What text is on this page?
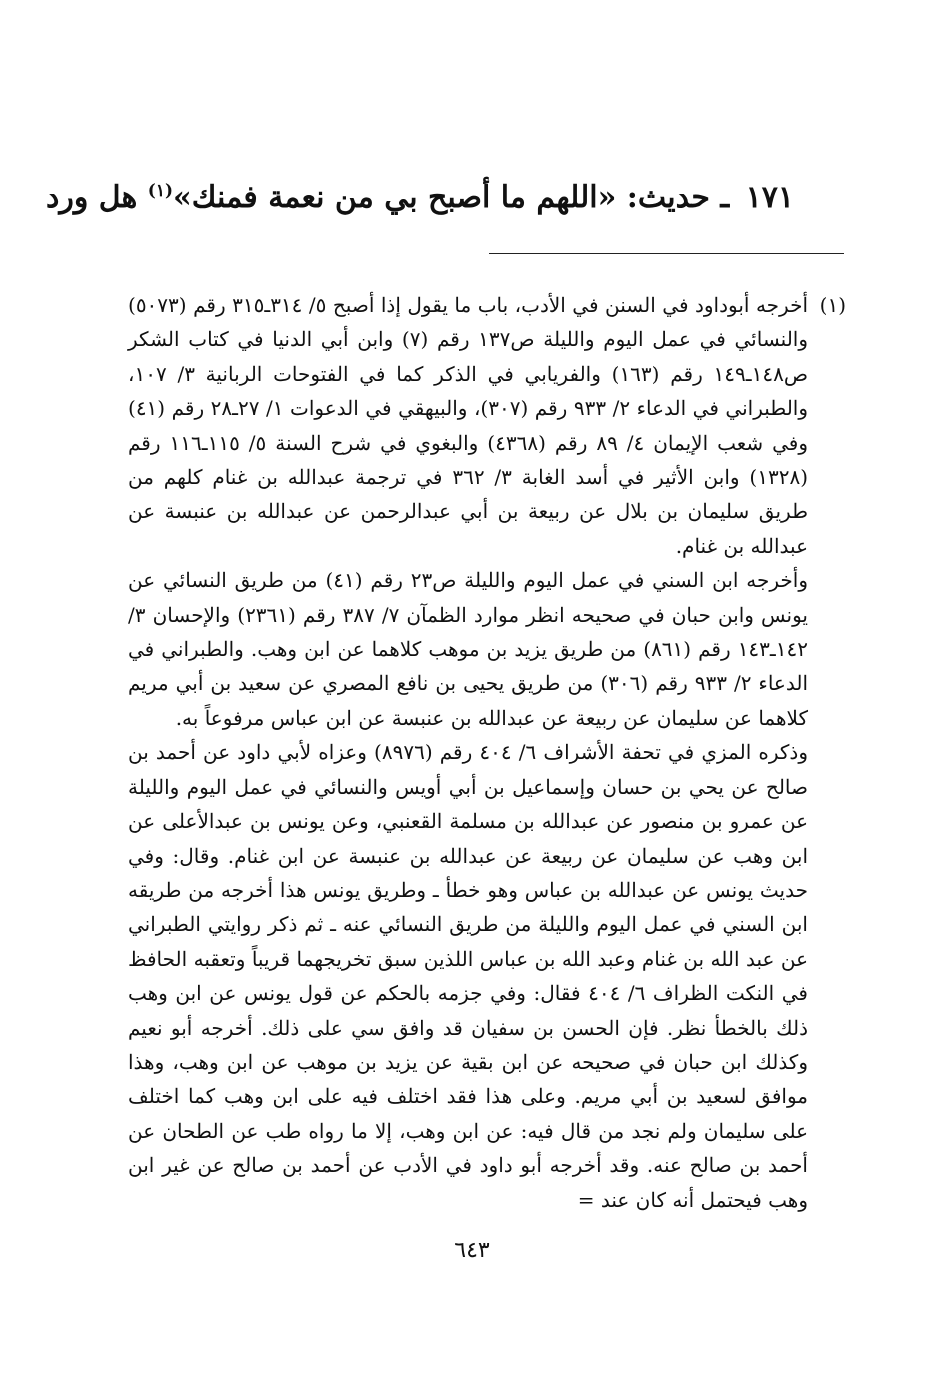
١٧١ ـ حديث: «اللهم ما أصبح بي من نعمة فمنك»$^{(١)}$ هل ورد
(١)

أخرجه أبوداود في السنن في الأدب، باب ما يقول إذا أصبح ٥/ ٣١٤ـ٣١٥ رقم (٥٠٧٣) والنسائي في عمل اليوم والليلة ص١٣٧ رقم (٧) وابن أبي الدنيا في كتاب الشكر ص١٤٨ـ١٤٩ رقم (١٦٣) والفريابي في الذكر كما في الفتوحات الربانية ٣/ ١٠٧، والطبراني في الدعاء ٢/ ٩٣٣ رقم (٣٠٧)، والبيهقي في الدعوات ١/ ٢٧ـ٢٨ رقم (٤١) وفي شعب الإيمان ٤/ ٨٩ رقم (٤٣٦٨) والبغوي في شرح السنة ٥/ ١١٥ـ١١٦ رقم (١٣٢٨) وابن الأثير في أسد الغابة ٣/ ٣٦٢ في ترجمة عبدالله بن غنام كلهم من طريق سليمان بن بلال عن ربيعة بن أبي عبدالرحمن عن عبدالله بن عنبسة عن عبدالله بن غنام.

وأخرجه ابن السني في عمل اليوم والليلة ص٢٣ رقم (٤١) من طريق النسائي عن يونس وابن حبان في صحيحه انظر موارد الظمآن ٧/ ٣٨٧ رقم (٢٣٦١) والإحسان ٣/ ١٤٢ـ١٤٣ رقم (٨٦١) من طريق يزيد بن موهب كلاهما عن ابن وهب. والطبراني في الدعاء ٢/ ٩٣٣ رقم (٣٠٦) من طريق يحيى بن نافع المصري عن سعيد بن أبي مريم كلاهما عن سليمان عن ربيعة عن عبدالله بن عنبسة عن ابن عباس مرفوعاً به.

وذكره المزي في تحفة الأشراف ٦/ ٤٠٤ رقم (٨٩٧٦) وعزاه لأبي داود عن أحمد بن صالح عن يحي بن حسان وإسماعيل بن أبي أويس والنسائي في عمل اليوم والليلة عن عمرو بن منصور عن عبدالله بن مسلمة القعنبي، وعن يونس بن عبدالأعلى عن ابن وهب عن سليمان عن ربيعة عن عبدالله بن عنبسة عن ابن غنام. وقال: وفي حديث يونس عن عبدالله بن عباس وهو خطأ ـ وطريق يونس هذا أخرجه من طريقه ابن السني في عمل اليوم والليلة من طريق النسائي عنه ـ ثم ذكر روايتي الطبراني عن عبد الله بن غنام وعبد الله بن عباس اللذين سبق تخريجهما قريباً وتعقبه الحافظ في النكت الظراف ٦/ ٤٠٤ فقال: وفي جزمه بالحكم عن قول يونس عن ابن وهب ذلك بالخطأ نظر. فإن الحسن بن سفيان قد وافق سي على ذلك. أخرجه أبو نعيم وكذلك ابن حبان في صحيحه عن ابن بقية عن يزيد بن موهب عن ابن وهب، وهذا موافق لسعيد بن أبي مريم. وعلى هذا فقد اختلف فيه على ابن وهب كما اختلف على سليمان ولم نجد من قال فيه: عن ابن وهب، إلا ما رواه طب عن الطحان عن أحمد بن صالح عنه. وقد أخرجه أبو داود في الأدب عن أحمد بن صالح عن غير ابن وهب فيحتمل أنه كان عند =

٦٤٣
